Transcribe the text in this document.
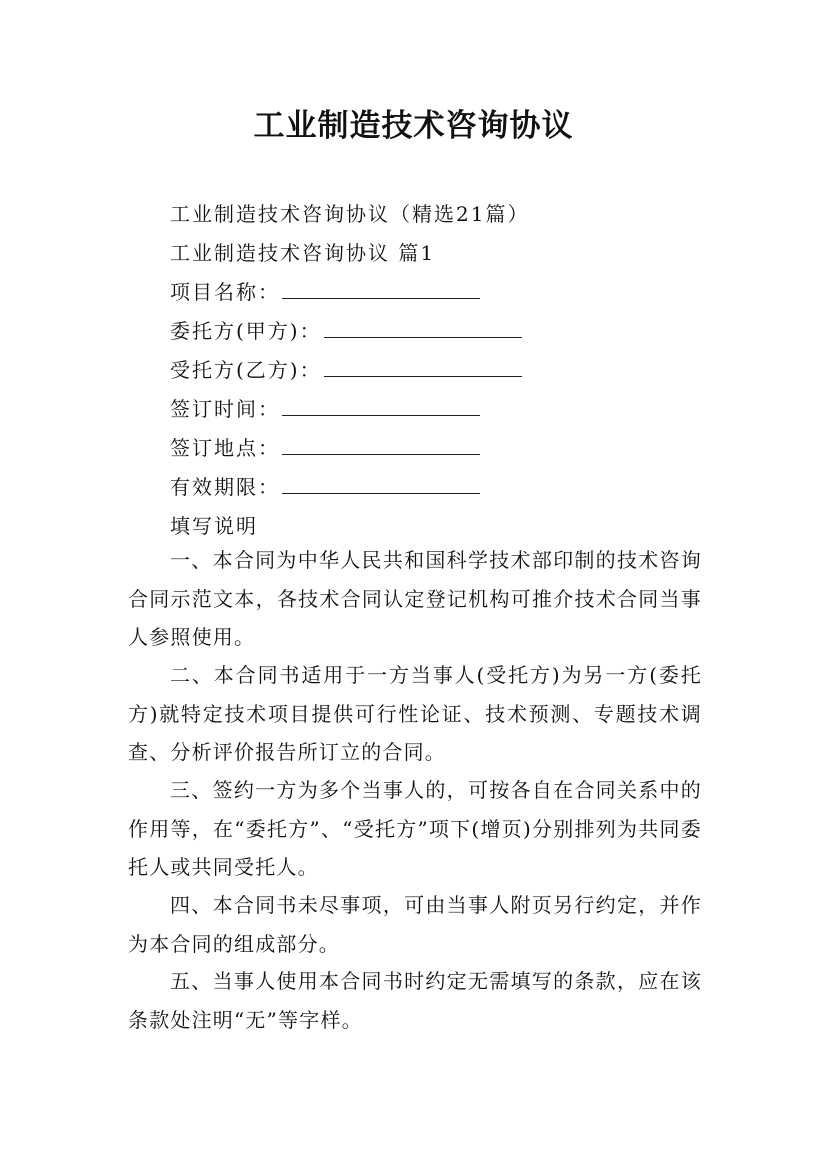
工业制造技术咨询协议
工业制造技术咨询协议（精选21篇）
工业制造技术咨询协议 篇1
项目名称：
委托方(甲方)：
受托方(乙方)：
签订时间：
签订地点：
有效期限：
填写说明
一、本合同为中华人民共和国科学技术部印制的技术咨询合同示范文本，各技术合同认定登记机构可推介技术合同当事人参照使用。
二、本合同书适用于一方当事人(受托方)为另一方(委托方)就特定技术项目提供可行性论证、技术预测、专题技术调查、分析评价报告所订立的合同。
三、签约一方为多个当事人的，可按各自在合同关系中的作用等，在“委托方”、“受托方”项下(增页)分别排列为共同委托人或共同受托人。
四、本合同书未尽事项，可由当事人附页另行约定，并作为本合同的组成部分。
五、当事人使用本合同书时约定无需填写的条款，应在该条款处注明“无”等字样。
